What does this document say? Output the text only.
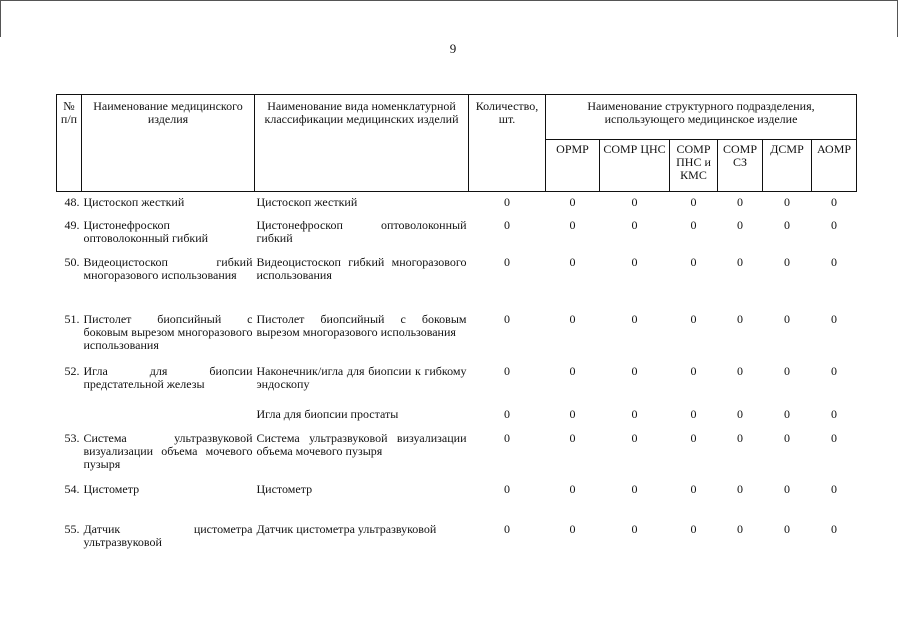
9
№ п/п	Наименование медицинского изделия	Наименование вида номенклатурной классификации медицинских изделий	Количество, шт.	Наименование структурного подразделения, использующего медицинское изделие					
				ОРМР	СОМР ЦНС	СОМР ПНС и КМС	СОМР СЗ	ДСМР	АОМР
48.	Цистоскоп жесткий	Цистоскоп жесткий	0	0	0	0	0	0	0
49.	Цистонефроскоп оптоволоконный гибкий	Цистонефроскоп оптоволоконный гибкий	0	0	0	0	0	0	0
50.	Видеоцистоскоп гибкий многоразового использования	Видеоцистоскоп гибкий многоразового использования	0	0	0	0	0	0	0
51.	Пистолет биопсийный с боковым вырезом многоразового использования	Пистолет биопсийный с боковым вырезом многоразового использования	0	0	0	0	0	0	0
52.	Игла для биопсии предстательной железы	Наконечник/игла для биопсии к гибкому эндоскопу	0	0	0	0	0	0	0
		Игла для биопсии простаты	0	0	0	0	0	0	0
53.	Система ультразвуковой визуализации объема мочевого пузыря	Система ультразвуковой визуализации объема мочевого пузыря	0	0	0	0	0	0	0
54.	Цистометр	Цистометр	0	0	0	0	0	0	0
55.	Датчик цистометра ультразвуковой	Датчик цистометра ультразвуковой	0	0	0	0	0	0	0
